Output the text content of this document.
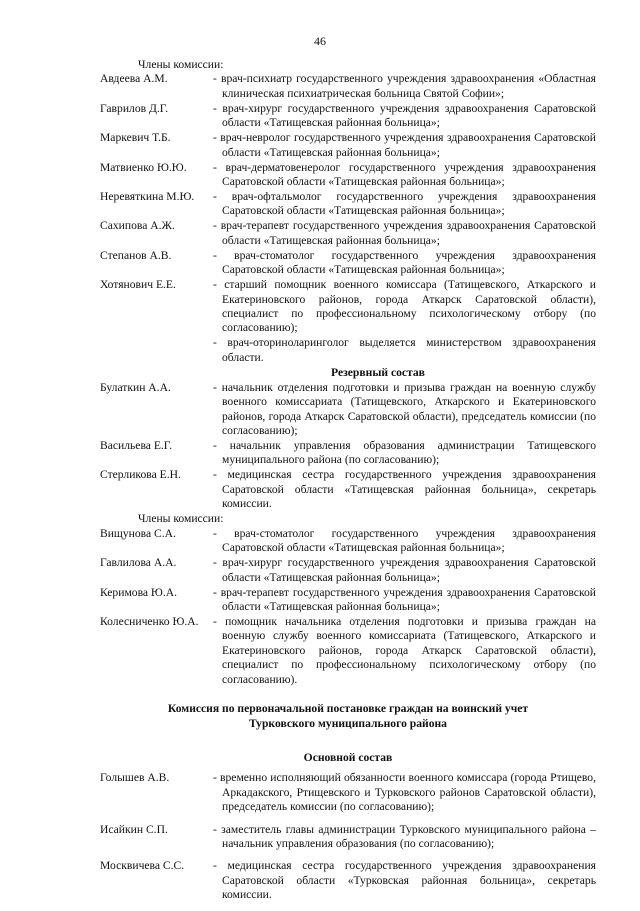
46
Члены комиссии:
Авдеева А.М.	- врач-психиатр государственного учреждения здравоохранения «Областная клиническая психиатрическая больница Святой Софии»;
Гаврилов Д.Г.	- врач-хирург государственного учреждения здравоохранения Саратовской области «Татищевская районная больница»;
Маркевич Т.Б.	- врач-невролог государственного учреждения здравоохранения Саратовской области «Татищевская районная больница»;
Матвиенко Ю.Ю.	- врач-дерматовенеролог государственного учреждения здравоохранения Саратовской области «Татищевская районная больница»;
Неревяткина М.Ю.	- врач-офтальмолог государственного учреждения здравоохранения Саратовской области «Татищевская районная больница»;
Сахипова А.Ж.	- врач-терапевт государственного учреждения здравоохранения Саратовской области «Татищевская районная больница»;
Степанов А.В.	- врач-стоматолог государственного учреждения здравоохранения Саратовской области «Татищевская районная больница»;
Хотянович Е.Е.	- старший помощник военного комиссара (Татищевского, Аткарского и Екатериновского районов, города Аткарск Саратовской области), специалист по профессиональному психологическому отбору (по согласованию);
- врач-оториноларинголог выделяется министерством здравоохранения области.
Резервный состав
Булаткин А.А.	- начальник отделения подготовки и призыва граждан на военную службу военного комиссариата (Татищевского, Аткарского и Екатериновского районов, города Аткарск Саратовской области), председатель комиссии (по согласованию);
Васильева Е.Г.	- начальник управления образования администрации Татищевского муниципального района (по согласованию);
Стерликова Е.Н.	- медицинская сестра государственного учреждения здравоохранения Саратовской области «Татищевская районная больница», секретарь комиссии.
Члены комиссии:
Вищунова С.А.	- врач-стоматолог государственного учреждения здравоохранения Саратовской области «Татищевская районная больница»;
Гавлилова А.А.	- врач-хирург государственного учреждения здравоохранения Саратовской области «Татищевская районная больница»;
Керимова Ю.А.	- врач-терапевт государственного учреждения здравоохранения Саратовской области «Татищевская районная больница»;
Колесниченко Ю.А.	- помощник начальника отделения подготовки и призыва граждан на военную службу военного комиссариата (Татищевского, Аткарского и Екатериновского районов, города Аткарск Саратовской области), специалист по профессиональному психологическому отбору (по согласованию).
Комиссия по первоначальной постановке граждан на воинский учет
Турковского муниципального района
Основной состав
Голышев А.В.	- временно исполняющий обязанности военного комиссара (города Ртищево, Аркадакского, Ртищевского и Турковского районов Саратовской области), председатель комиссии (по согласованию);
Исайкин С.П.	- заместитель главы администрации Турковского муниципального района – начальник управления образования (по согласованию);
Москвичева С.С.	- медицинская сестра государственного учреждения здравоохранения Саратовской области «Турковская районная больница», секретарь комиссии.
